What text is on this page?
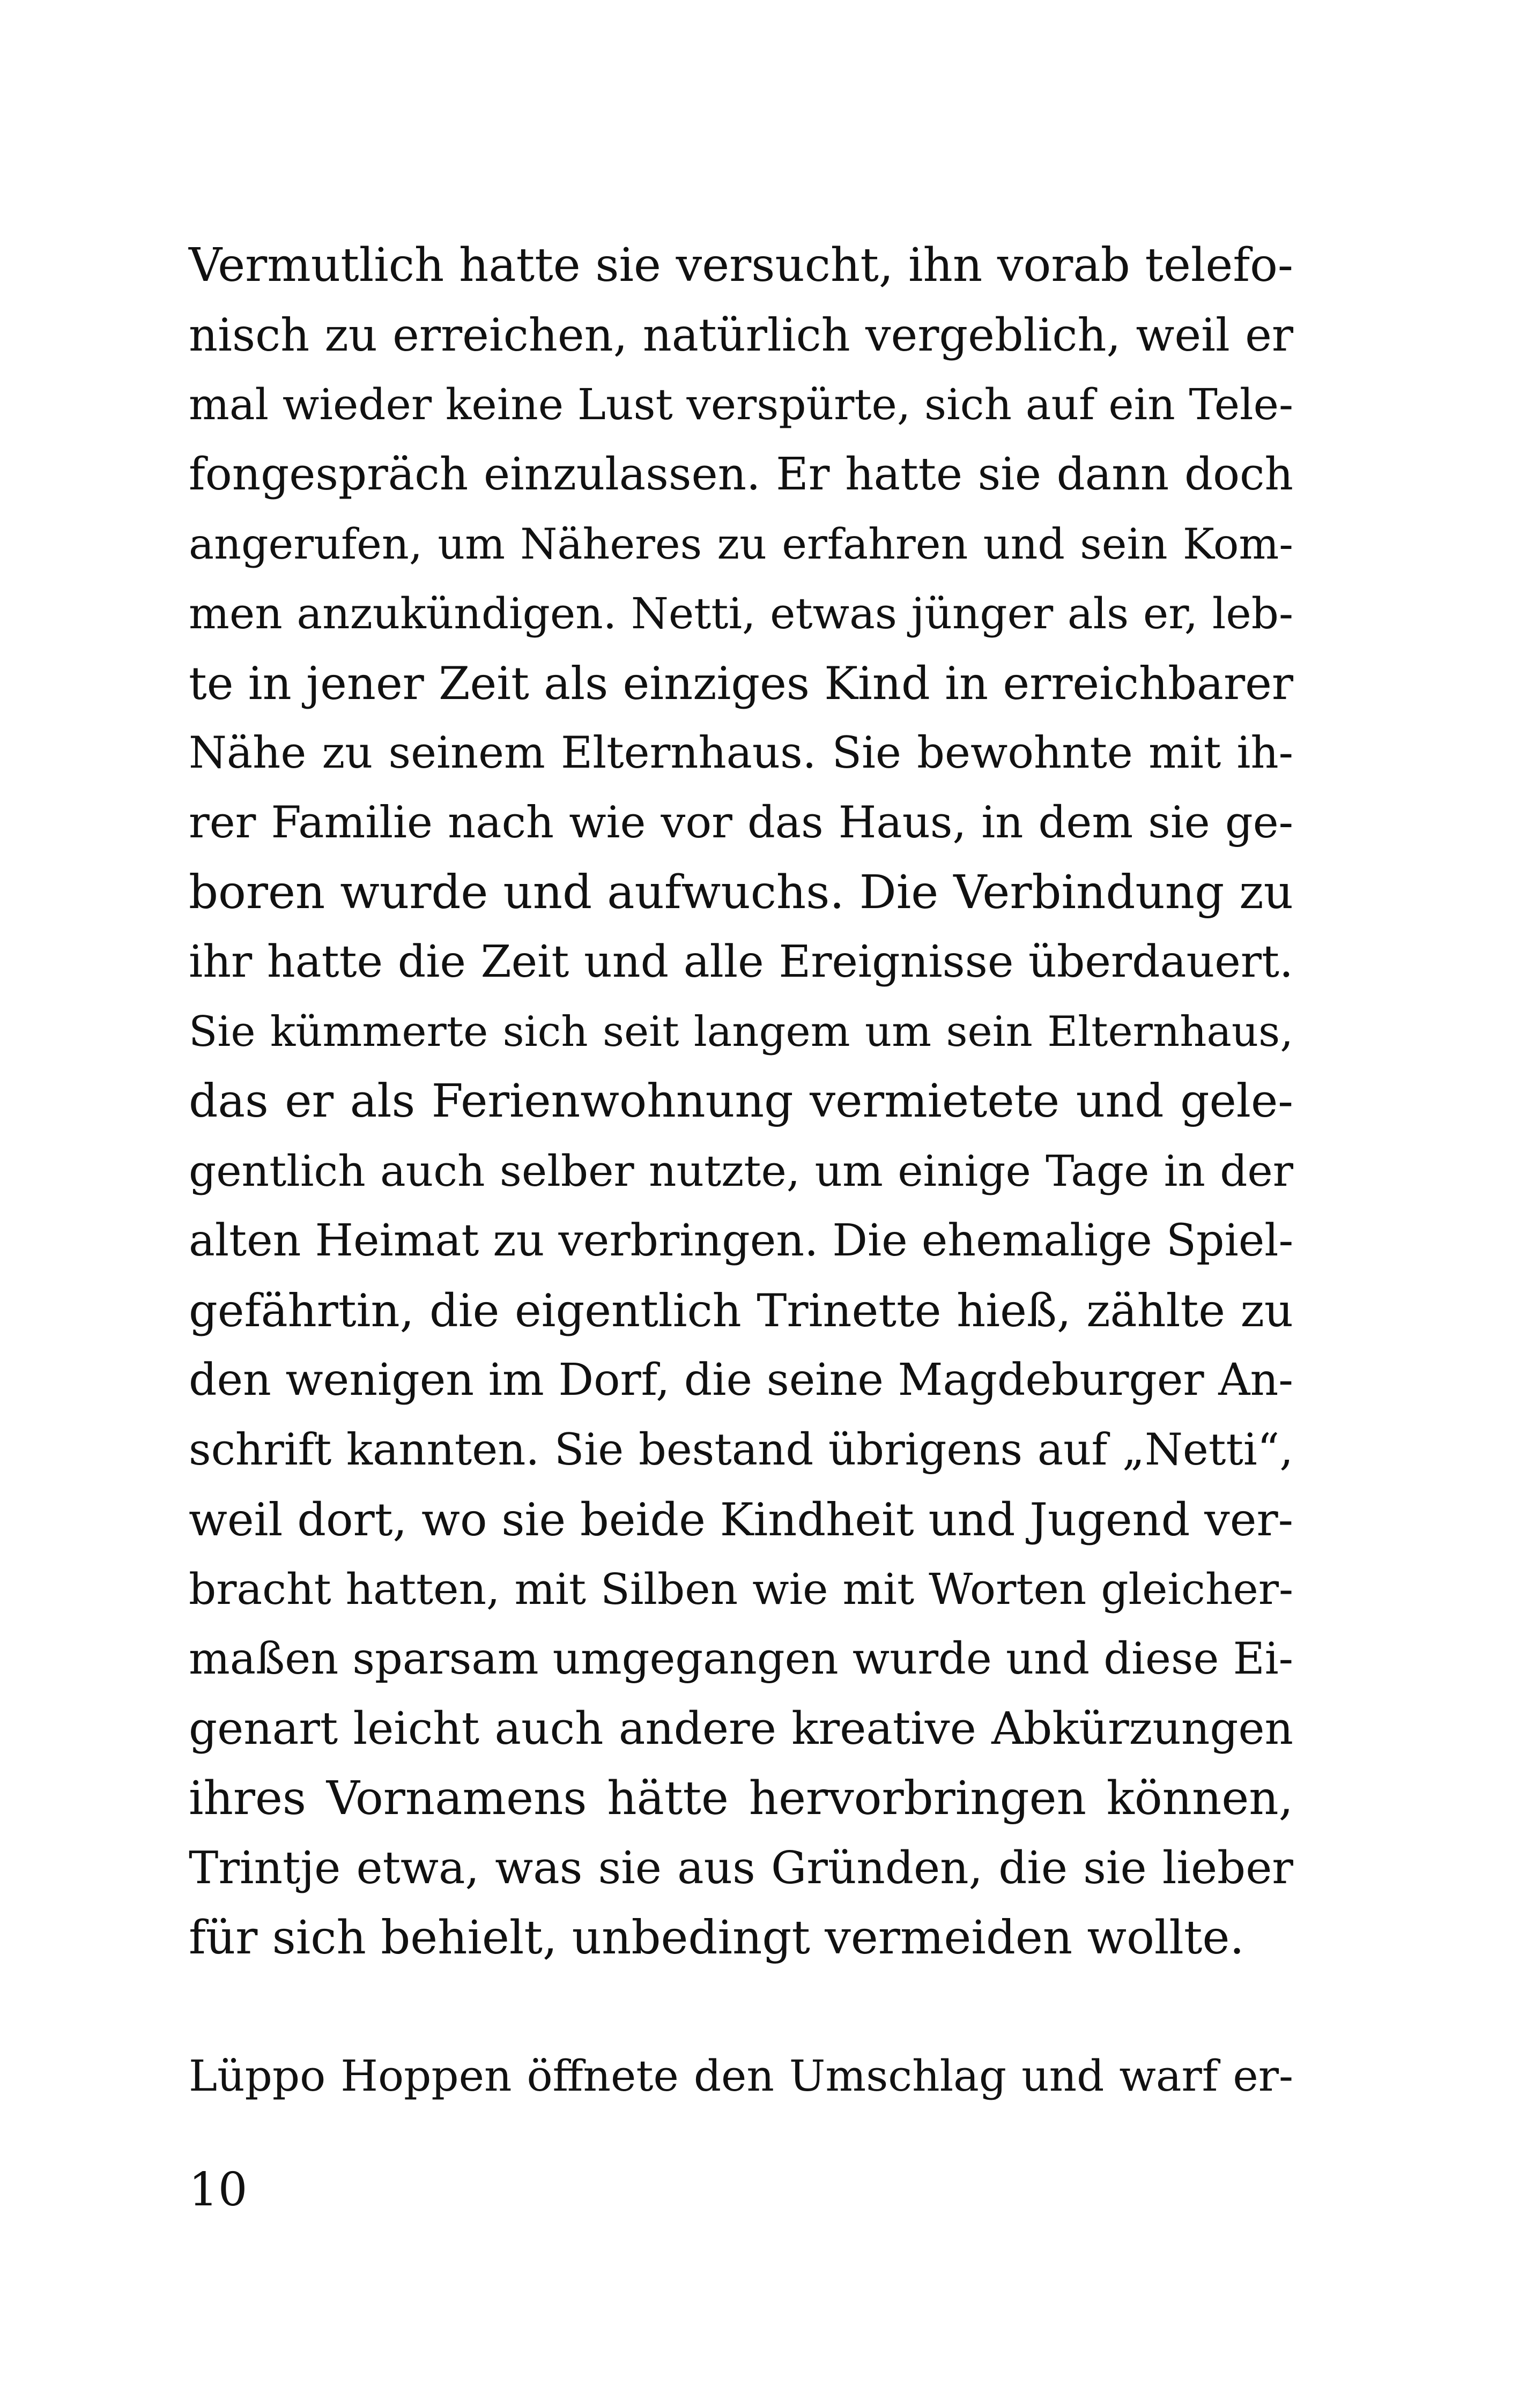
Vermutlich hatte sie versucht, ihn vorab telefo-
nisch zu erreichen, natürlich vergeblich, weil er
mal wieder keine Lust verspürte, sich auf ein Tele-
fongespräch einzulassen. Er hatte sie dann doch
angerufen, um Näheres zu erfahren und sein Kom-
men anzukündigen. Netti, etwas jünger als er, leb-
te in jener Zeit als einziges Kind in erreichbarer
Nähe zu seinem Elternhaus. Sie bewohnte mit ih-
rer Familie nach wie vor das Haus, in dem sie ge-
boren wurde und aufwuchs. Die Verbindung zu
ihr hatte die Zeit und alle Ereignisse überdauert.
Sie kümmerte sich seit langem um sein Elternhaus,
das er als Ferienwohnung vermietete und gele-
gentlich auch selber nutzte, um einige Tage in der
alten Heimat zu verbringen. Die ehemalige Spiel-
gefährtin, die eigentlich Trinette hieß, zählte zu
den wenigen im Dorf, die seine Magdeburger An-
schrift kannten. Sie bestand übrigens auf „Netti“,
weil dort, wo sie beide Kindheit und Jugend ver-
bracht hatten, mit Silben wie mit Worten gleicher-
maßen sparsam umgegangen wurde und diese Ei-
genart leicht auch andere kreative Abkürzungen
ihres Vornamens hätte hervorbringen können,
Trintje etwa, was sie aus Gründen, die sie lieber
für sich behielt, unbedingt vermeiden wollte.
Lüppo Hoppen öffnete den Umschlag und warf er-
10
